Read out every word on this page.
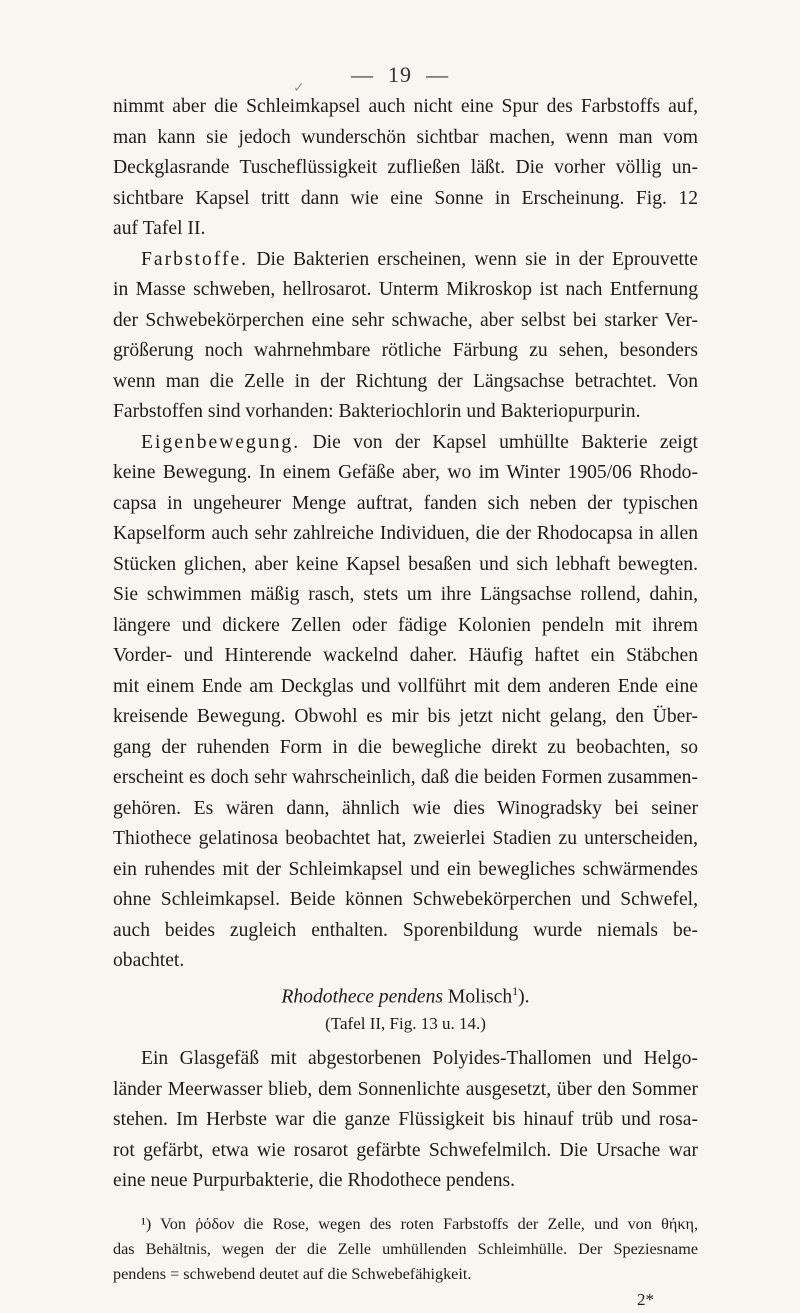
— 19 —
✓
nimmt aber die Schleimkapsel auch nicht eine Spur des Farbstoffs auf,
man kann sie jedoch wunderschön sichtbar machen, wenn man vom
Deckglasrande Tuscheflüssigkeit zufließen läßt. Die vorher völlig un-
sichtbare Kapsel tritt dann wie eine Sonne in Erscheinung. Fig. 12
auf Tafel II.
Farbstoffe. Die Bakterien erscheinen, wenn sie in der Eprouvette
in Masse schweben, hellrosarot. Unterm Mikroskop ist nach Entfernung
der Schwebekörperchen eine sehr schwache, aber selbst bei starker Ver-
größerung noch wahrnehmbare rötliche Färbung zu sehen, besonders
wenn man die Zelle in der Richtung der Längsachse betrachtet. Von
Farbstoffen sind vorhanden: Bakteriochlorin und Bakteriopurpurin.
Eigenbewegung. Die von der Kapsel umhüllte Bakterie zeigt
keine Bewegung. In einem Gefäße aber, wo im Winter 1905/06 Rhodo-
capsa in ungeheurer Menge auftrat, fanden sich neben der typischen
Kapselform auch sehr zahlreiche Individuen, die der Rhodocapsa in allen
Stücken glichen, aber keine Kapsel besaßen und sich lebhaft bewegten.
Sie schwimmen mäßig rasch, stets um ihre Längsachse rollend, dahin,
längere und dickere Zellen oder fädige Kolonien pendeln mit ihrem
Vorder- und Hinterende wackelnd daher. Häufig haftet ein Stäbchen
mit einem Ende am Deckglas und vollführt mit dem anderen Ende eine
kreisende Bewegung. Obwohl es mir bis jetzt nicht gelang, den Über-
gang der ruhenden Form in die bewegliche direkt zu beobachten, so
erscheint es doch sehr wahrscheinlich, daß die beiden Formen zusammen-
gehören. Es wären dann, ähnlich wie dies Winogradsky bei seiner
Thiothece gelatinosa beobachtet hat, zweierlei Stadien zu unterscheiden,
ein ruhendes mit der Schleimkapsel und ein bewegliches schwärmendes
ohne Schleimkapsel. Beide können Schwebekörperchen und Schwefel,
auch beides zugleich enthalten. Sporenbildung wurde niemals be-
obachtet.
Rhodothece pendens Molisch$^1$).
(Tafel II, Fig. 13 u. 14.)
Ein Glasgefäß mit abgestorbenen Polyides-Thallomen und Helgo-
länder Meerwasser blieb, dem Sonnenlichte ausgesetzt, über den Sommer
stehen. Im Herbste war die ganze Flüssigkeit bis hinauf trüb und rosa-
rot gefärbt, etwa wie rosarot gefärbte Schwefelmilch. Die Ursache war
eine neue Purpurbakterie, die Rhodothece pendens.
¹) Von ῥόδον die Rose, wegen des roten Farbstoffs der Zelle, und von θήκη,
das Behältnis, wegen der die Zelle umhüllenden Schleimhülle. Der Speziesname
pendens = schwebend deutet auf die Schwebefähigkeit.
2*
